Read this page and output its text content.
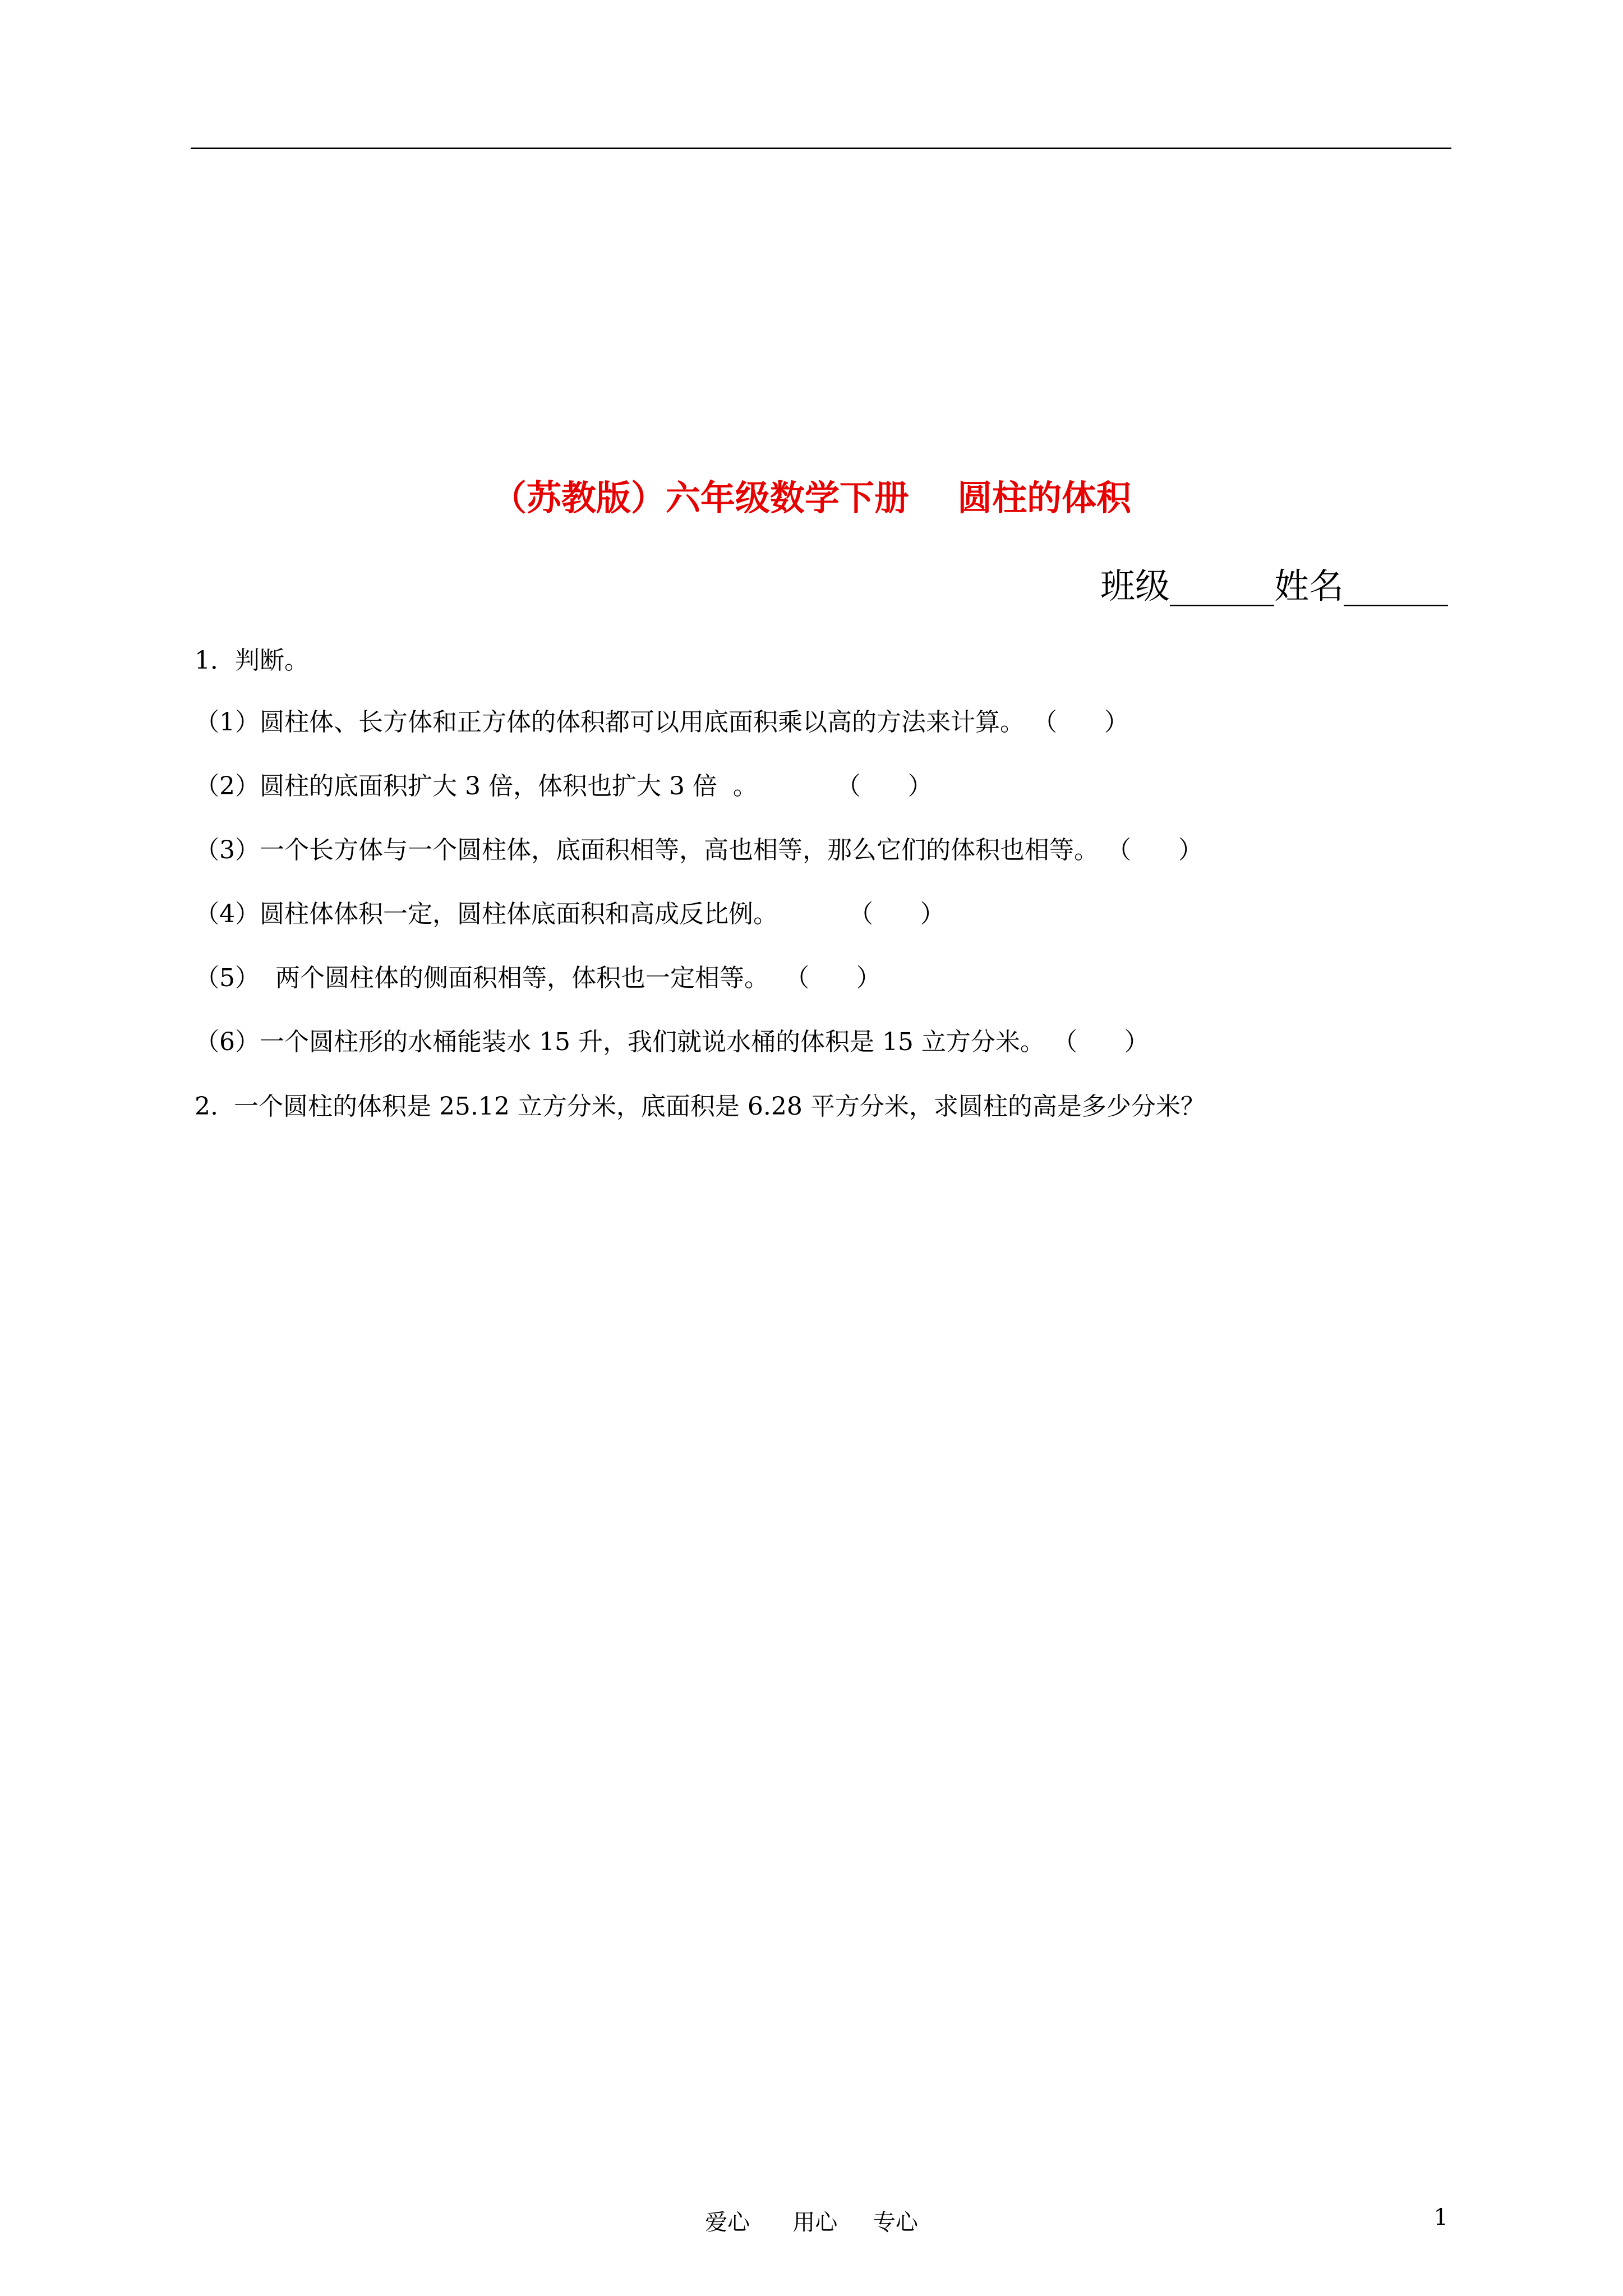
（苏教版）六年级数学下册    圆柱的体积
班级______姓名______
1．判断。
（1）圆柱体、长方体和正方体的体积都可以用底面积乘以高的方法来计算。 （      ）
（2）圆柱的底面积扩大 3 倍，体积也扩大 3 倍  。          （      ）
（3）一个长方体与一个圆柱体，底面积相等，高也相等，那么它们的体积也相等。 （      ）
（4）圆柱体体积一定，圆柱体底面积和高成反比例。         （      ）
（5）  两个圆柱体的侧面积相等，体积也一定相等。  （      ）
（6）一个圆柱形的水桶能装水 15 升，我们就说水桶的体积是 15 立方分米。 （      ）
2.  一个圆柱的体积是 25.12 立方分米，底面积是 6.28 平方分米，求圆柱的高是多少分米？
爱心      用心     专心	1
